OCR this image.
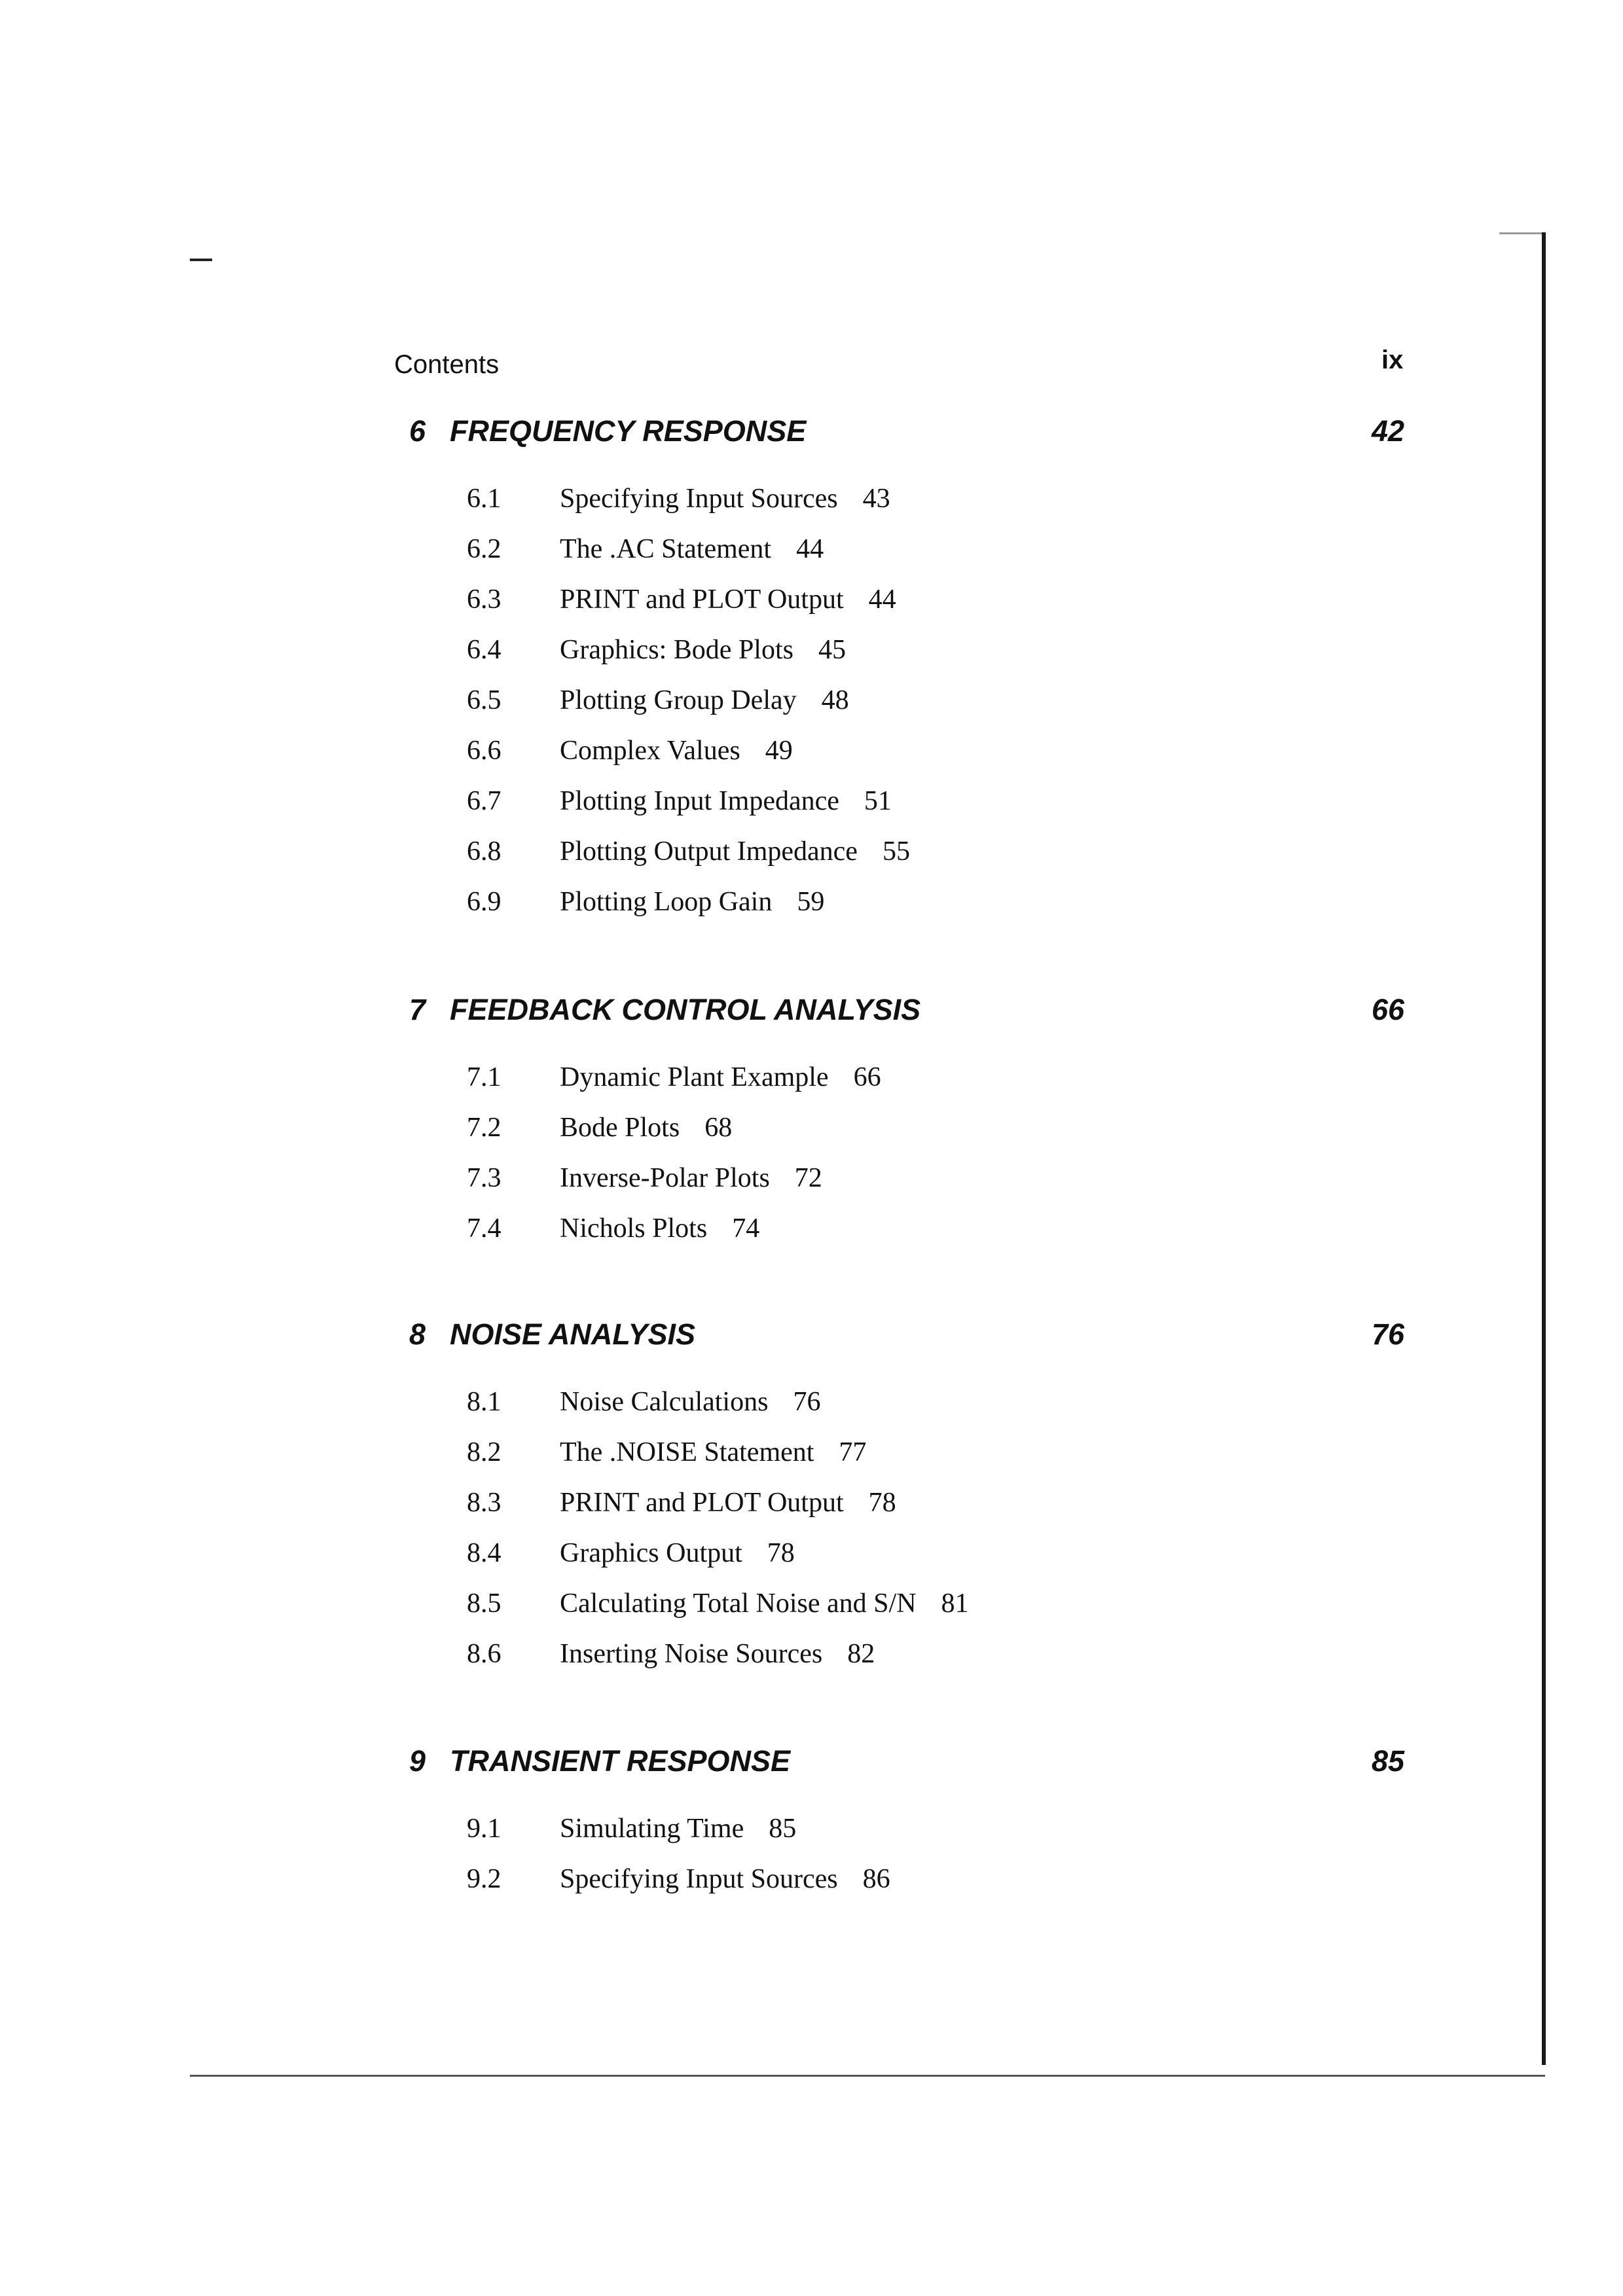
Contents	ix
6 FREQUENCY RESPONSE	42
6.1 Specifying Input Sources 43
6.2 The .AC Statement 44
6.3 PRINT and PLOT Output 44
6.4 Graphics: Bode Plots 45
6.5 Plotting Group Delay 48
6.6 Complex Values 49
6.7 Plotting Input Impedance 51
6.8 Plotting Output Impedance 55
6.9 Plotting Loop Gain 59
7 FEEDBACK CONTROL ANALYSIS	66
7.1 Dynamic Plant Example 66
7.2 Bode Plots 68
7.3 Inverse-Polar Plots 72
7.4 Nichols Plots 74
8 NOISE ANALYSIS	76
8.1 Noise Calculations 76
8.2 The .NOISE Statement 77
8.3 PRINT and PLOT Output 78
8.4 Graphics Output 78
8.5 Calculating Total Noise and S/N 81
8.6 Inserting Noise Sources 82
9 TRANSIENT RESPONSE	85
9.1 Simulating Time 85
9.2 Specifying Input Sources 86
